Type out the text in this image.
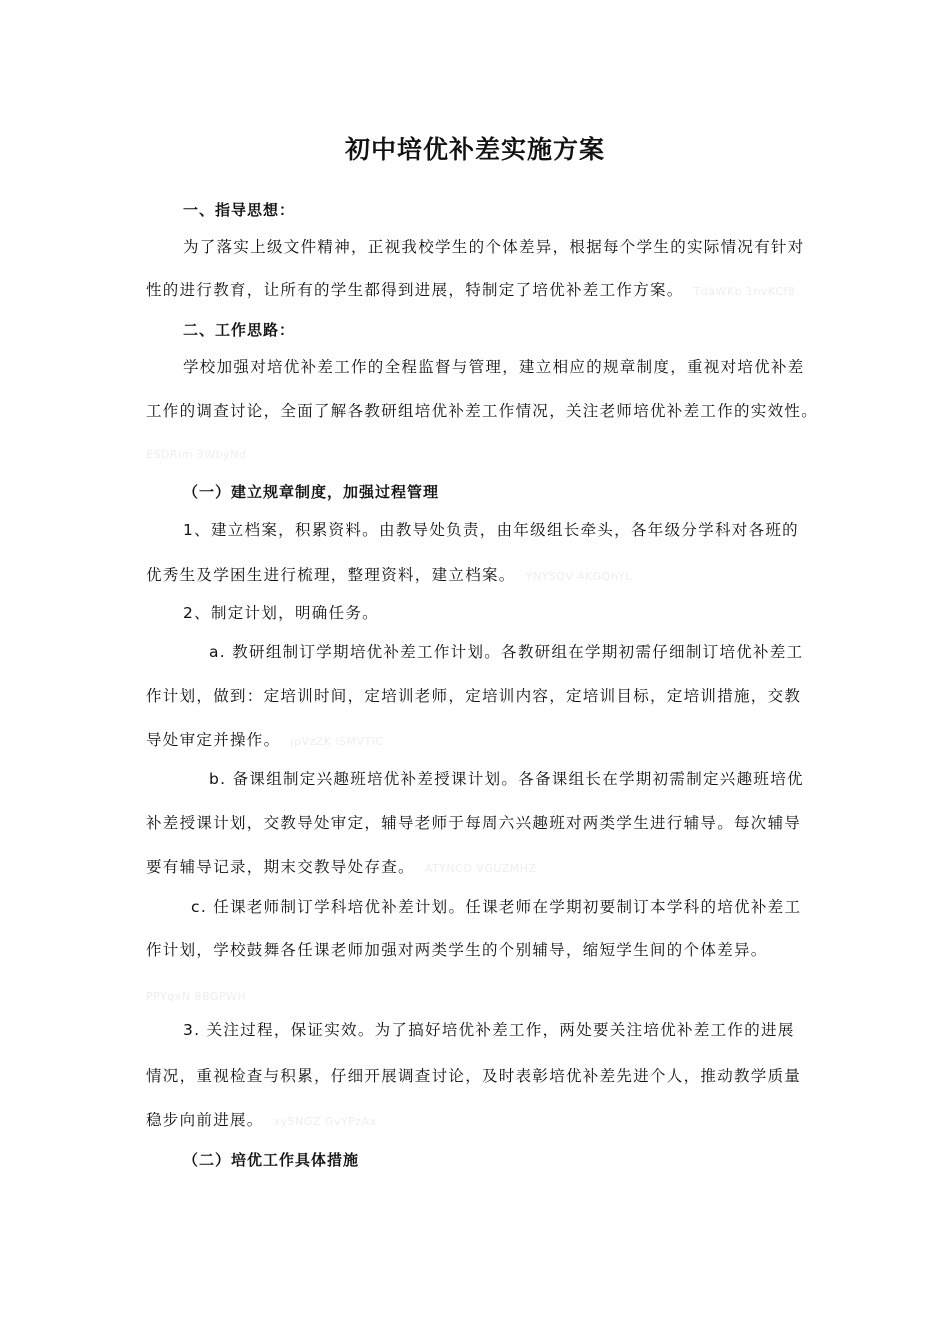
初中培优补差实施方案
一、指导思想：
为了落实上级文件精神，正视我校学生的个体差异，根据每个学生的实际情况有针对
性的进行教育，让所有的学生都得到进展，特制定了培优补差工作方案。 TdaWKb 1hvKCf8
二、工作思路：
学校加强对培优补差工作的全程监督与管理，建立相应的规章制度，重视对培优补差
工作的调查讨论，全面了解各教研组培优补差工作情况，关注老师培优补差工作的实效性。
ESDRlm 3WbyNd
（一）建立规章制度，加强过程管理
1、建立档案，积累资料。由教导处负责，由年级组长牵头，各年级分学科对各班的
优秀生及学困生进行梳理，整理资料，建立档案。 YNYSQV 4KGQhYL
2、制定计划，明确任务。
a. 教研组制订学期培优补差工作计划。各教研组在学期初需仔细制订培优补差工
作计划，做到：定培训时间，定培训老师，定培训内容，定培训目标，定培训措施，交教
导处审定并操作。 jpVzZK lSMVTlC
b. 备课组制定兴趣班培优补差授课计划。各备课组长在学期初需制定兴趣班培优
补差授课计划，交教导处审定，辅导老师于每周六兴趣班对两类学生进行辅导。每次辅导
要有辅导记录，期末交教导处存查。 ATYNCD VGUZMHZ
c. 任课老师制订学科培优补差计划。任课老师在学期初要制订本学科的培优补差工
作计划，学校鼓舞各任课老师加强对两类学生的个别辅导，缩短学生间的个体差异。
PPYqxN 8BGPWH
3. 关注过程，保证实效。为了搞好培优补差工作，两处要关注培优补差工作的进展
情况，重视检查与积累，仔细开展调查讨论，及时表彰培优补差先进个人，推动教学质量
稳步向前进展。 xy5NGZ GvYPzAx
（二）培优工作具体措施
